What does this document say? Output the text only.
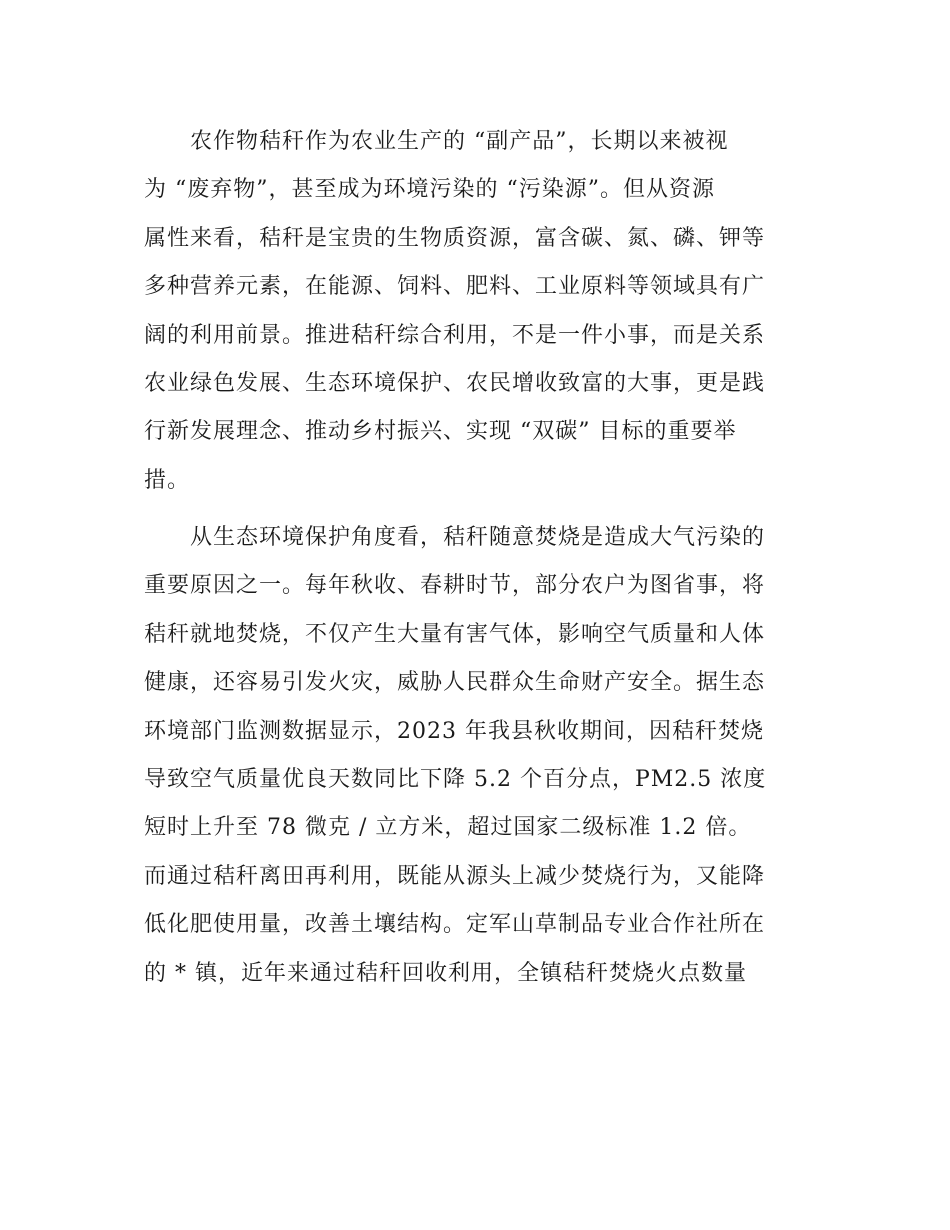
农作物秸秆作为农业生产的 “副产品”，长期以来被视
为 “废弃物”，甚至成为环境污染的 “污染源”。但从资源
属性来看，秸秆是宝贵的生物质资源，富含碳、氮、磷、钾等
多种营养元素，在能源、饲料、肥料、工业原料等领域具有广
阔的利用前景。推进秸秆综合利用，不是一件小事，而是关系
农业绿色发展、生态环境保护、农民增收致富的大事，更是践
行新发展理念、推动乡村振兴、实现 “双碳” 目标的重要举
措。
从生态环境保护角度看，秸秆随意焚烧是造成大气污染的
重要原因之一。每年秋收、春耕时节，部分农户为图省事，将
秸秆就地焚烧，不仅产生大量有害气体，影响空气质量和人体
健康，还容易引发火灾，威胁人民群众生命财产安全。据生态
环境部门监测数据显示，2023 年我县秋收期间，因秸秆焚烧
导致空气质量优良天数同比下降 5.2 个百分点，PM2.5 浓度
短时上升至 78 微克 / 立方米，超过国家二级标准 1.2 倍。
而通过秸秆离田再利用，既能从源头上减少焚烧行为，又能降
低化肥使用量，改善土壤结构。定军山草制品专业合作社所在
的 * 镇，近年来通过秸秆回收利用，全镇秸秆焚烧火点数量
